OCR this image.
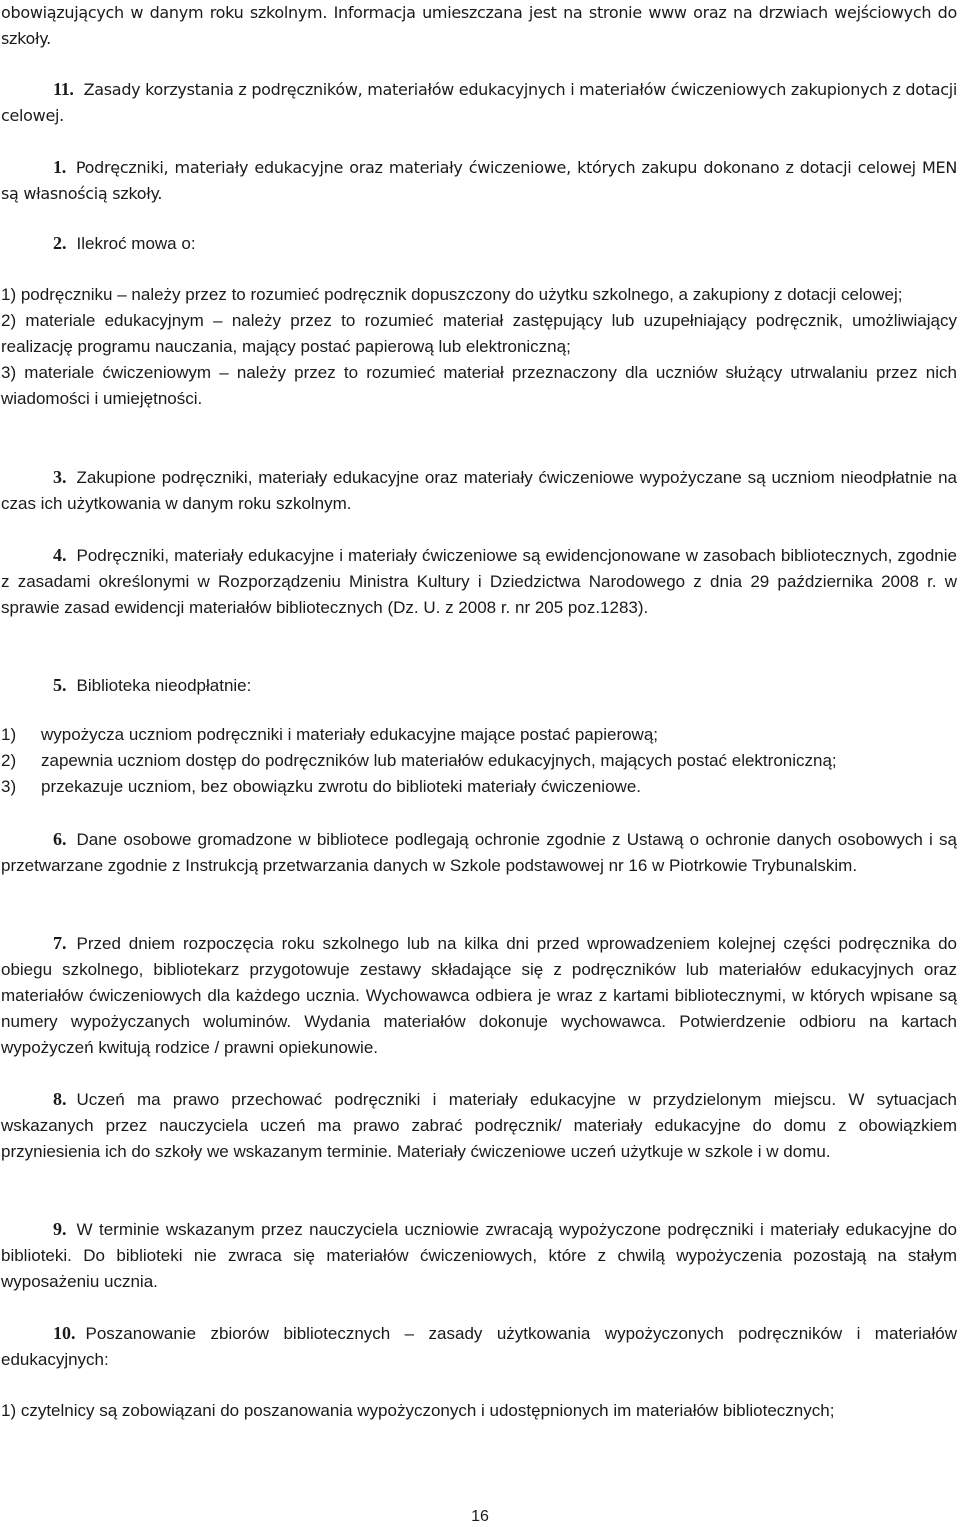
obowiązujących w danym roku szkolnym. Informacja umieszczana jest na stronie www oraz na drzwiach wejściowych do szkoły.

11. Zasady korzystania z podręczników, materiałów edukacyjnych i materiałów ćwiczeniowych zakupionych z dotacji celowej.

1. Podręczniki, materiały edukacyjne oraz materiały ćwiczeniowe, których zakupu dokonano z dotacji celowej MEN są własnością szkoły.

2. Ilekroć mowa o:

1) podręczniku – należy przez to rozumieć podręcznik dopuszczony do użytku szkolnego, a zakupiony z dotacji celowej;
2) materiale edukacyjnym – należy przez to rozumieć materiał zastępujący lub uzupełniający podręcznik, umożliwiający realizację programu nauczania, mający postać papierową lub elektroniczną;
3) materiale ćwiczeniowym – należy przez to rozumieć materiał przeznaczony dla uczniów służący utrwalaniu przez nich wiadomości i umiejętności.

3. Zakupione podręczniki, materiały edukacyjne oraz materiały ćwiczeniowe wypożyczane są uczniom nieodpłatnie na czas ich użytkowania w danym roku szkolnym.

4. Podręczniki, materiały edukacyjne i materiały ćwiczeniowe są ewidencjonowane w zasobach bibliotecznych, zgodnie z zasadami określonymi w Rozporządzeniu Ministra Kultury i Dziedzictwa Narodowego z dnia 29 października 2008 r. w sprawie zasad ewidencji materiałów bibliotecznych (Dz. U. z 2008 r. nr 205 poz.1283).

5. Biblioteka nieodpłatnie:

1) wypożycza uczniom podręczniki i materiały edukacyjne mające postać papierową;
2) zapewnia uczniom dostęp do podręczników lub materiałów edukacyjnych, mających postać elektroniczną;
3) przekazuje uczniom, bez obowiązku zwrotu do biblioteki materiały ćwiczeniowe.

6. Dane osobowe gromadzone w bibliotece podlegają ochronie zgodnie z Ustawą o ochronie danych osobowych i są przetwarzane zgodnie z Instrukcją przetwarzania danych w Szkole podstawowej nr 16 w Piotrkowie Trybunalskim.

7. Przed dniem rozpoczęcia roku szkolnego lub na kilka dni przed wprowadzeniem kolejnej części podręcznika do obiegu szkolnego, bibliotekarz przygotowuje zestawy składające się z podręczników lub materiałów edukacyjnych oraz materiałów ćwiczeniowych dla każdego ucznia. Wychowawca odbiera je wraz z kartami bibliotecznymi, w których wpisane są numery wypożyczanych woluminów. Wydania materiałów dokonuje wychowawca. Potwierdzenie odbioru na kartach wypożyczeń kwitują rodzice / prawni opiekunowie.

8. Uczeń ma prawo przechować podręczniki i materiały edukacyjne w przydzielonym miejscu. W sytuacjach wskazanych przez nauczyciela uczeń ma prawo zabrać podręcznik/ materiały edukacyjne do domu z obowiązkiem przyniesienia ich do szkoły we wskazanym terminie. Materiały ćwiczeniowe uczeń użytkuje w szkole i w domu.

9. W terminie wskazanym przez nauczyciela uczniowie zwracają wypożyczone podręczniki i materiały edukacyjne do biblioteki. Do biblioteki nie zwraca się materiałów ćwiczeniowych, które z chwilą wypożyczenia pozostają na stałym wyposażeniu ucznia.

10. Poszanowanie zbiorów bibliotecznych – zasady użytkowania wypożyczonych podręczników i materiałów edukacyjnych:

1) czytelnicy są zobowiązani do poszanowania wypożyczonych i udostępnionych im materiałów bibliotecznych;

16
